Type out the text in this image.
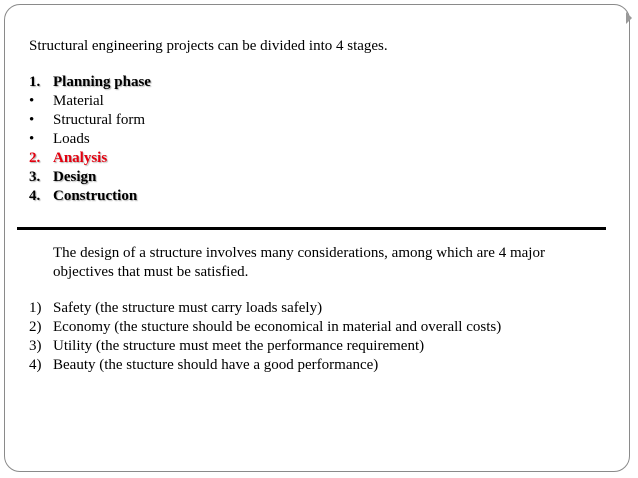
Structural engineering projects can be divided into 4 stages.
1. Planning phase
• Material
• Structural form
• Loads
2. Analysis
3. Design
4. Construction
The design of a structure involves many considerations, among which are 4 major
objectives that must be satisfied.
1) Safety (the structure must carry loads safely)
2) Economy (the stucture should be economical in material and overall costs)
3) Utility (the structure must meet the performance requirement)
4) Beauty (the stucture should have a good performance)
